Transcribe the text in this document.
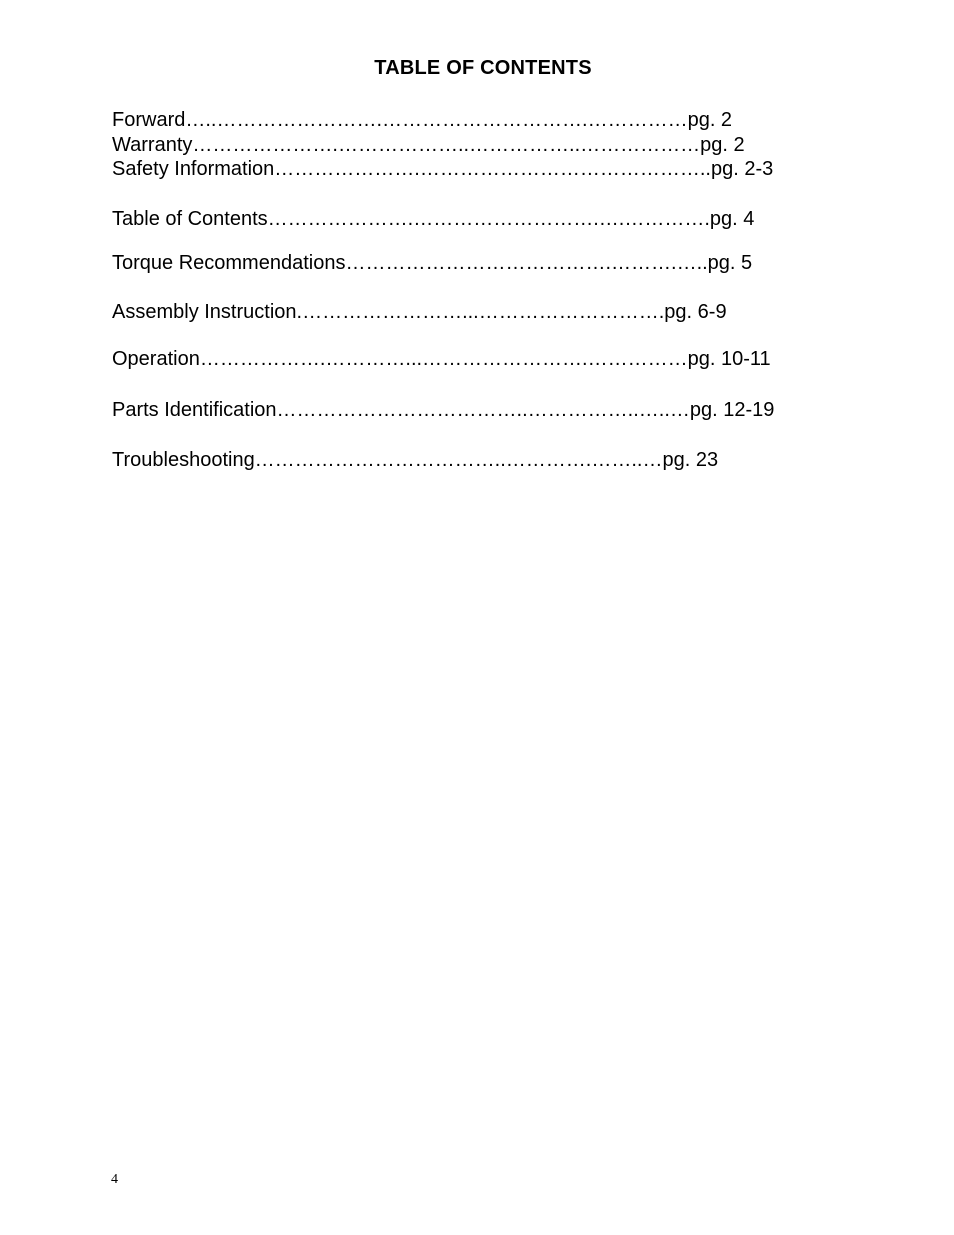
TABLE OF CONTENTS
Forward…..…………………….………………………….……………pg. 2
Warranty………………….………………..……………..………………pg. 2
Safety Information………………….……………………………………..pg. 2-3
Table of Contents………………….……………………….….………….pg. 4
Torque Recommendations………………………………….……….…..pg. 5
Assembly Instruction.……………………...……………………….pg. 6-9
Operation……………….…………...…………………….……………pg. 10-11
Parts Identification………………………………..……………..…..…pg. 12-19
Troubleshooting………………………………..………….……..…pg. 23
4
